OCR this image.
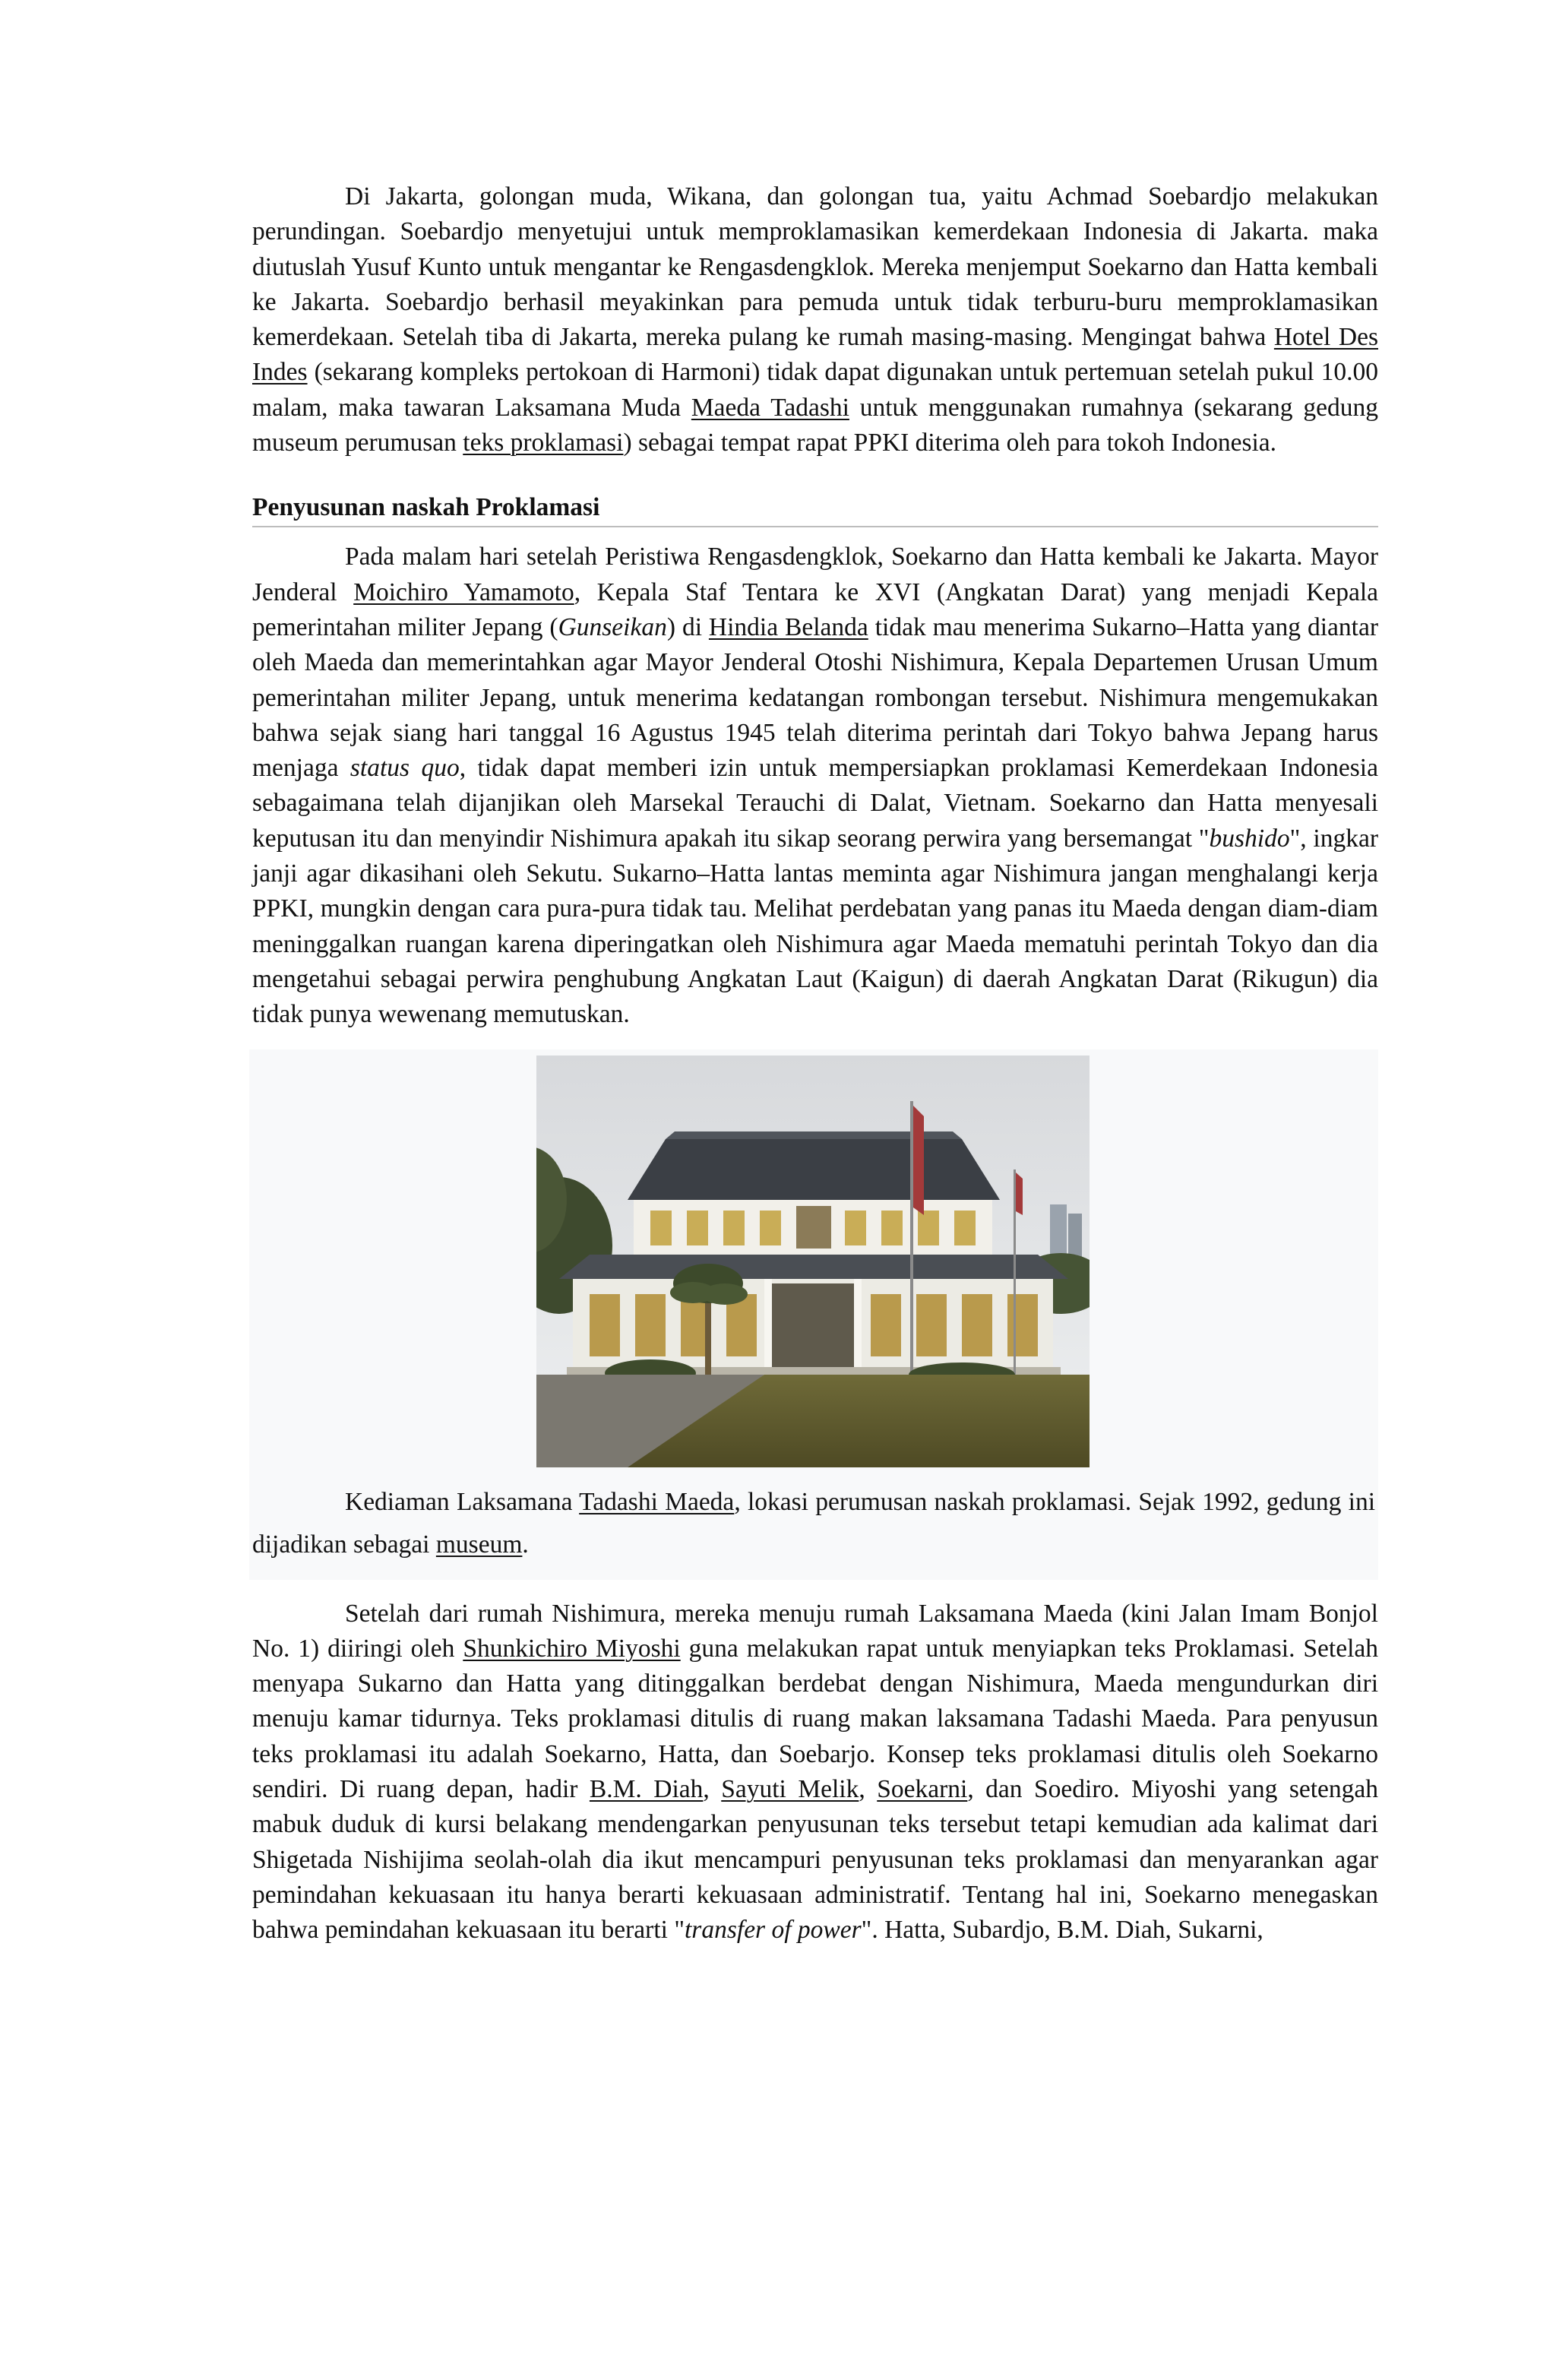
Di Jakarta, golongan muda, Wikana, dan golongan tua, yaitu Achmad Soebardjo melakukan perundingan. Soebardjo menyetujui untuk memproklamasikan kemerdekaan Indonesia di Jakarta. maka diutuslah Yusuf Kunto untuk mengantar ke Rengasdengklok. Mereka menjemput Soekarno dan Hatta kembali ke Jakarta. Soebardjo berhasil meyakinkan para pemuda untuk tidak terburu-buru memproklamasikan kemerdekaan. Setelah tiba di Jakarta, mereka pulang ke rumah masing-masing. Mengingat bahwa Hotel Des Indes (sekarang kompleks pertokoan di Harmoni) tidak dapat digunakan untuk pertemuan setelah pukul 10.00 malam, maka tawaran Laksamana Muda Maeda Tadashi untuk menggunakan rumahnya (sekarang gedung museum perumusan teks proklamasi) sebagai tempat rapat PPKI diterima oleh para tokoh Indonesia.

Penyusunan naskah Proklamasi

Pada malam hari setelah Peristiwa Rengasdengklok, Soekarno dan Hatta kembali ke Jakarta. Mayor Jenderal Moichiro Yamamoto, Kepala Staf Tentara ke XVI (Angkatan Darat) yang menjadi Kepala pemerintahan militer Jepang (Gunseikan) di Hindia Belanda tidak mau menerima Sukarno–Hatta yang diantar oleh Maeda dan memerintahkan agar Mayor Jenderal Otoshi Nishimura, Kepala Departemen Urusan Umum pemerintahan militer Jepang, untuk menerima kedatangan rombongan tersebut. Nishimura mengemukakan bahwa sejak siang hari tanggal 16 Agustus 1945 telah diterima perintah dari Tokyo bahwa Jepang harus menjaga status quo, tidak dapat memberi izin untuk mempersiapkan proklamasi Kemerdekaan Indonesia sebagaimana telah dijanjikan oleh Marsekal Terauchi di Dalat, Vietnam. Soekarno dan Hatta menyesali keputusan itu dan menyindir Nishimura apakah itu sikap seorang perwira yang bersemangat "bushido", ingkar janji agar dikasihani oleh Sekutu. Sukarno–Hatta lantas meminta agar Nishimura jangan menghalangi kerja PPKI, mungkin dengan cara pura-pura tidak tau. Melihat perdebatan yang panas itu Maeda dengan diam-diam meninggalkan ruangan karena diperingatkan oleh Nishimura agar Maeda mematuhi perintah Tokyo dan dia mengetahui sebagai perwira penghubung Angkatan Laut (Kaigun) di daerah Angkatan Darat (Rikugun) dia tidak punya wewenang memutuskan.

Kediaman Laksamana Tadashi Maeda, lokasi perumusan naskah proklamasi. Sejak 1992, gedung ini dijadikan sebagai museum.

Setelah dari rumah Nishimura, mereka menuju rumah Laksamana Maeda (kini Jalan Imam Bonjol No. 1) diiringi oleh Shunkichiro Miyoshi guna melakukan rapat untuk menyiapkan teks Proklamasi. Setelah menyapa Sukarno dan Hatta yang ditinggalkan berdebat dengan Nishimura, Maeda mengundurkan diri menuju kamar tidurnya. Teks proklamasi ditulis di ruang makan laksamana Tadashi Maeda. Para penyusun teks proklamasi itu adalah Soekarno, Hatta, dan Soebarjo. Konsep teks proklamasi ditulis oleh Soekarno sendiri. Di ruang depan, hadir B.M. Diah, Sayuti Melik, Soekarni, dan Soediro. Miyoshi yang setengah mabuk duduk di kursi belakang mendengarkan penyusunan teks tersebut tetapi kemudian ada kalimat dari Shigetada Nishijima seolah-olah dia ikut mencampuri penyusunan teks proklamasi dan menyarankan agar pemindahan kekuasaan itu hanya berarti kekuasaan administratif. Tentang hal ini, Soekarno menegaskan bahwa pemindahan kekuasaan itu berarti "transfer of power". Hatta, Subardjo, B.M. Diah, Sukarni,
